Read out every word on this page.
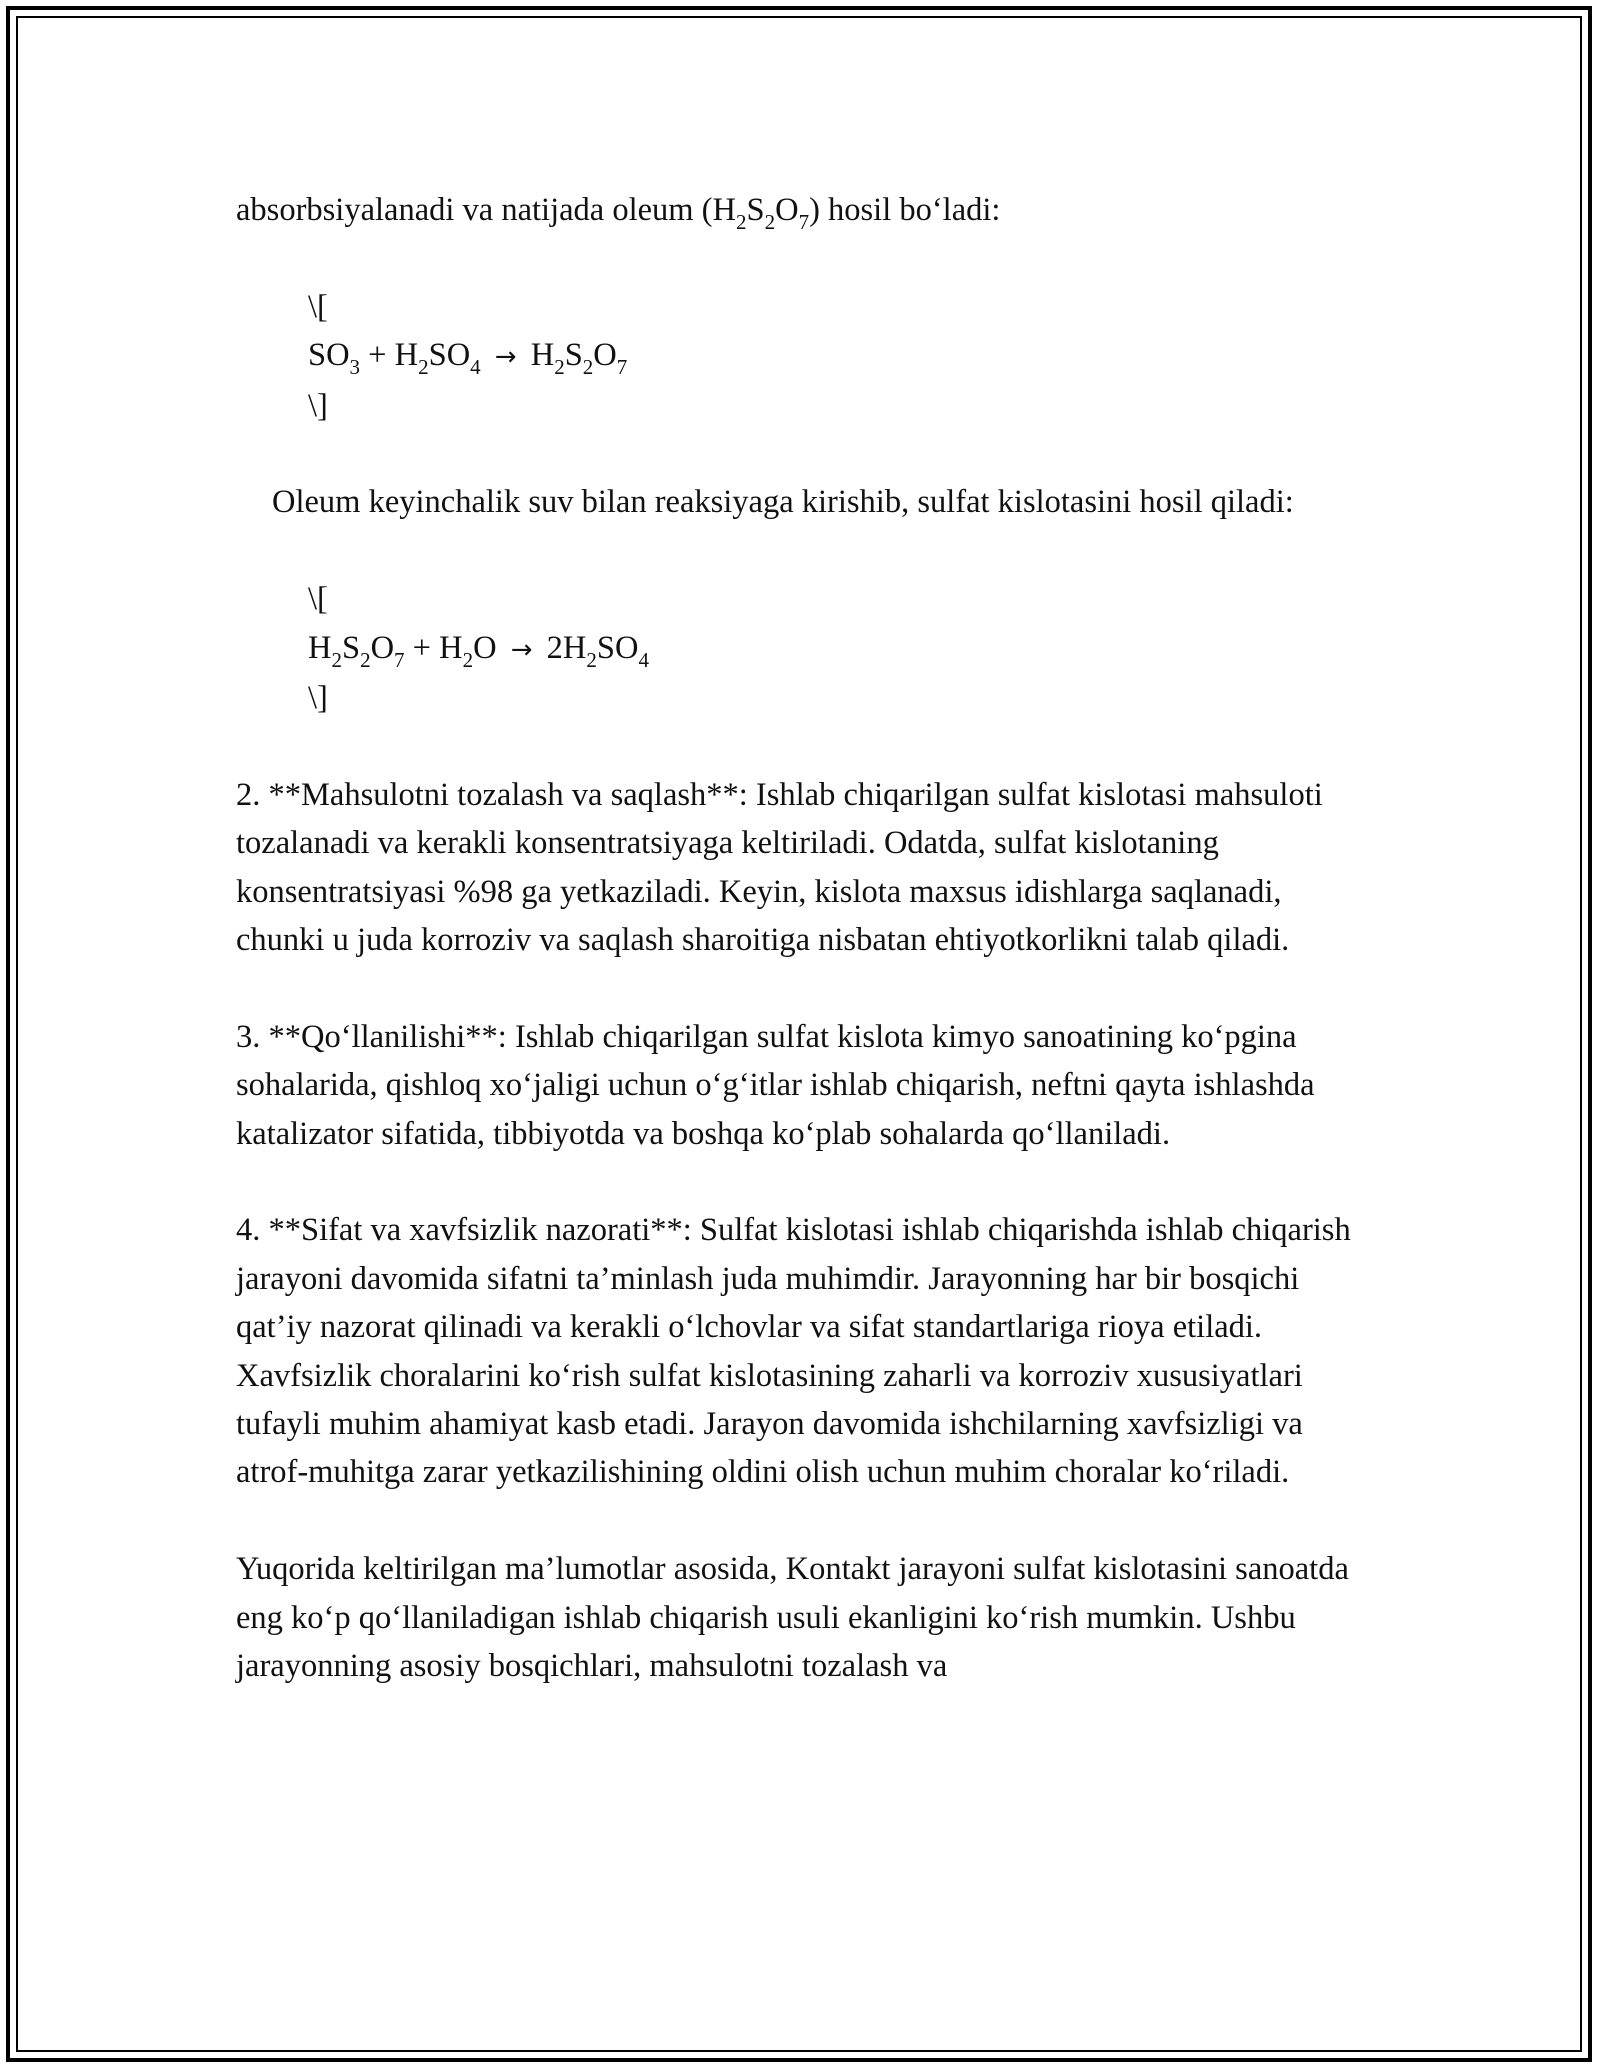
absorbsiyalanadi va natijada oleum $(H_2S_2O_7)$ hosil bo‘ladi:

\[

$SO_3 + H_2SO_4 \to H_2S_2O_7$

\]

Oleum keyinchalik suv bilan reaksiyaga kirishib, sulfat kislotasini hosil qiladi:

\[

$H_2S_2O_7 + H_2O \to 2H_2SO_4$

\]

2. **Mahsulotni tozalash va saqlash**: Ishlab chiqarilgan sulfat kislotasi mahsuloti tozalanadi va kerakli konsentratsiyaga keltiriladi. Odatda, sulfat kislotaning konsentratsiyasi %98 ga yetkaziladi. Keyin, kislota maxsus idishlarga saqlanadi, chunki u juda korroziv va saqlash sharoitiga nisbatan ehtiyotkorlikni talab qiladi.

3. **Qo‘llanilishi**: Ishlab chiqarilgan sulfat kislota kimyo sanoatining ko‘pgina sohalarida, qishloq xo‘jaligi uchun o‘g‘itlar ishlab chiqarish, neftni qayta ishlashda katalizator sifatida, tibbiyotda va boshqa ko‘plab sohalarda qo‘llaniladi.

4. **Sifat va xavfsizlik nazorati**: Sulfat kislotasi ishlab chiqarishda ishlab chiqarish jarayoni davomida sifatni ta’minlash juda muhimdir. Jarayonning har bir bosqichi qat’iy nazorat qilinadi va kerakli o‘lchovlar va sifat standartlariga rioya etiladi. Xavfsizlik choralarini ko‘rish sulfat kislotasining zaharli va korroziv xususiyatlari tufayli muhim ahamiyat kasb etadi. Jarayon davomida ishchilarning xavfsizligi va atrof-muhitga zarar yetkazilishining oldini olish uchun muhim choralar ko‘riladi.

Yuqorida keltirilgan ma’lumotlar asosida, Kontakt jarayoni sulfat kislotasini sanoatda eng ko‘p qo‘llaniladigan ishlab chiqarish usuli ekanligini ko‘rish mumkin. Ushbu jarayonning asosiy bosqichlari, mahsulotni tozalash va
